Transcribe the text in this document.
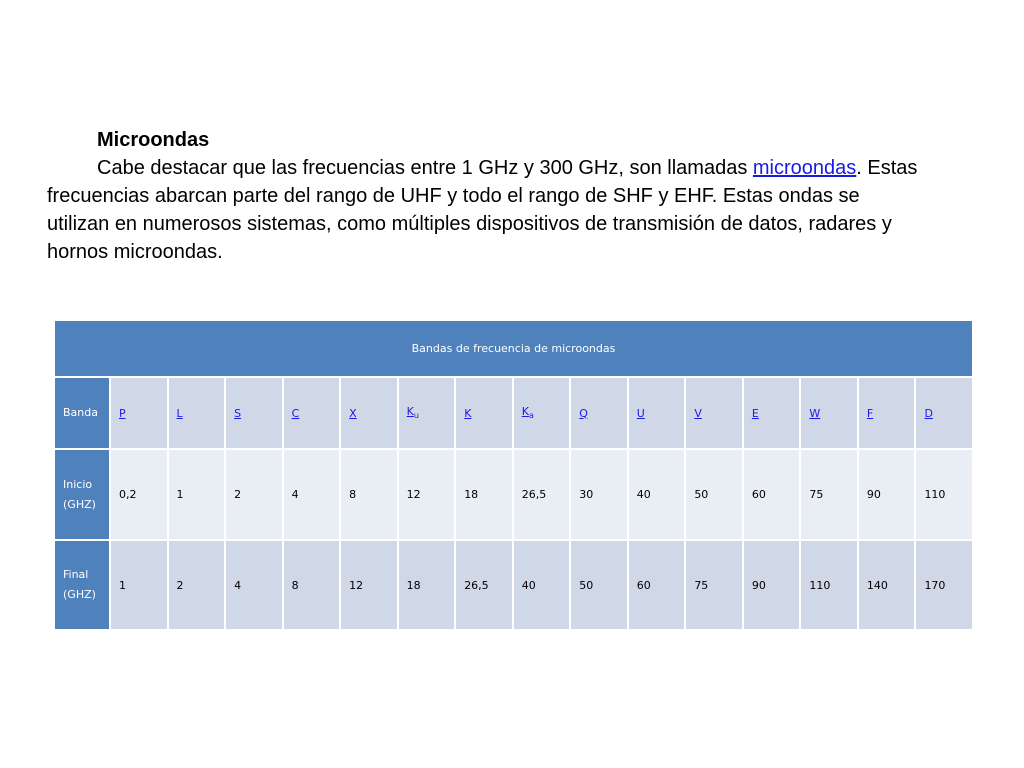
Microondas
Cabe destacar que las frecuencias entre 1 GHz y 300 GHz, son llamadas microondas. Estas frecuencias abarcan parte del rango de UHF y todo el rango de SHF y EHF. Estas ondas se utilizan en numerosos sistemas, como múltiples dispositivos de transmisión de datos, radares y hornos microondas.
Bandas de frecuencia de microondas															
Banda	P	L	S	C	X	$K_u$	K	$K_a$	Q	U	V	E	W	F	D
Inicio (GHZ)	0,2	1	2	4	8	12	18	26,5	30	40	50	60	75	90	110
Final (GHZ)	1	2	4	8	12	18	26,5	40	50	60	75	90	110	140	170
